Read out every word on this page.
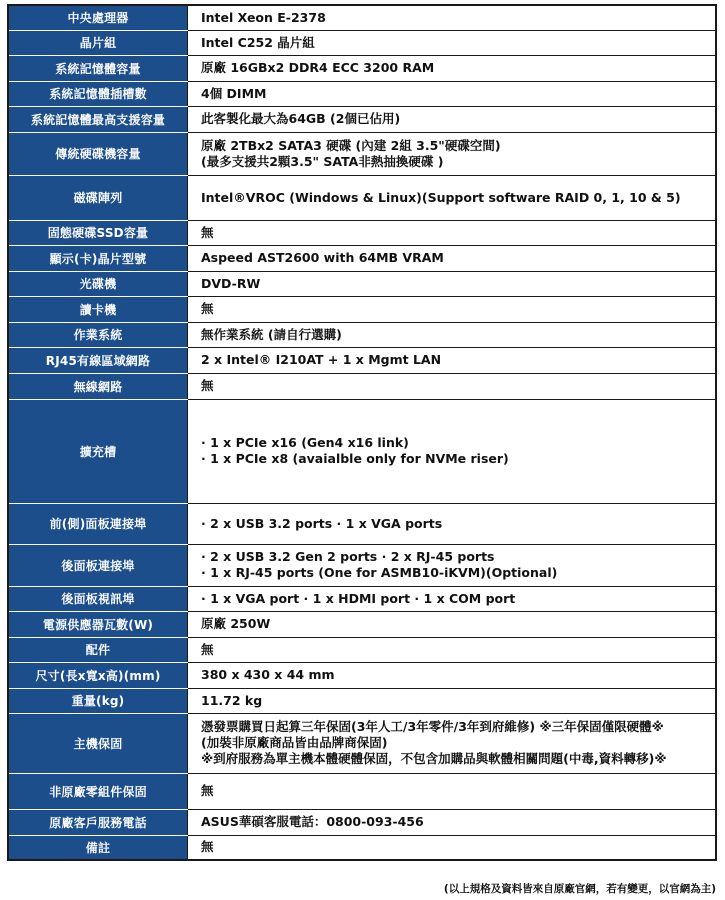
中央處理器	Intel Xeon E-2378

晶片組	Intel C252 晶片組

系統記憶體容量	原廠 16GBx2 DDR4 ECC 3200 RAM

系統記憶體插槽數	4個 DIMM

系統記憶體最高支援容量	此客製化最大為64GB (2個已佔用)

傳統硬碟機容量	原廠 2TBx2 SATA3 硬碟 (內建 2組 3.5"硬碟空間)
(最多支援共2顆3.5" SATA非熱抽換硬碟 )

磁碟陣列	Intel®VROC (Windows & Linux)(Support software RAID 0, 1, 10 & 5)

固態硬碟SSD容量	無

顯示(卡)晶片型號	Aspeed AST2600 with 64MB VRAM

光碟機	DVD-RW

讀卡機	無

作業系統	無作業系統 (請自行選購)

RJ45有線區域網路	2 x Intel® I210AT + 1 x Mgmt LAN

無線網路	無

擴充槽	· 1 x PCIe x16 (Gen4 x16 link)
· 1 x PCIe x8 (avaialble only for NVMe riser)

前(側)面板連接埠	· 2 x USB 3.2 ports · 1 x VGA ports

後面板連接埠	· 2 x USB 3.2 Gen 2 ports · 2 x RJ-45 ports
· 1 x RJ-45 ports (One for ASMB10-iKVM)(Optional)

後面板視訊埠	· 1 x VGA port · 1 x HDMI port · 1 x COM port

電源供應器瓦數(W)	原廠 250W

配件	無

尺寸(長x寬x高)(mm)	380 x 430 x 44 mm

重量(kg)	11.72 kg

主機保固	憑發票購買日起算三年保固(3年人工/3年零件/3年到府維修) ※三年保固僅限硬體※
(加裝非原廠商品皆由品牌商保固)
※到府服務為單主機本體硬體保固，不包含加購品與軟體相關問題(中毒,資料轉移)※

非原廠零組件保固	無

原廠客戶服務電話	ASUS華碩客服電話：0800-093-456

備註	無
(以上規格及資料皆來自原廠官網，若有變更，以官網為主)
